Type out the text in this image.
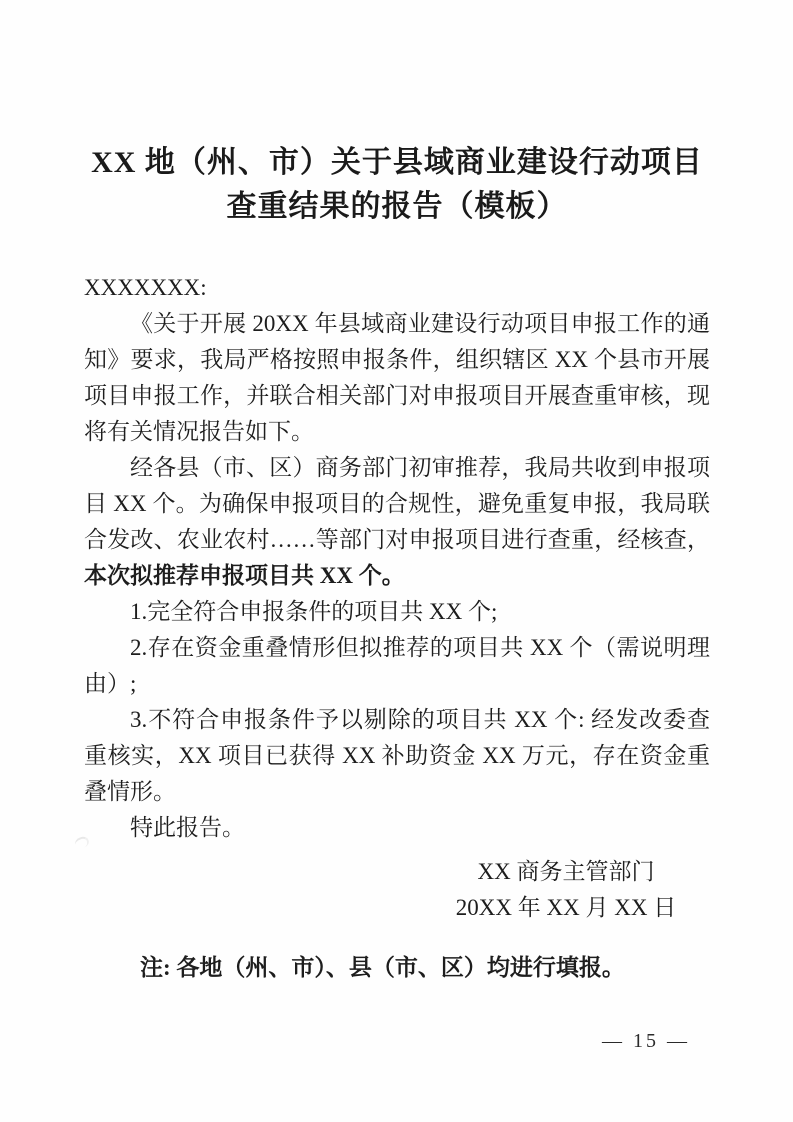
XX 地（州、市）关于县域商业建设行动项目
查重结果的报告（模板）

XXXXXXX:

《关于开展 20XX 年县域商业建设行动项目申报工作的通知》要求，我局严格按照申报条件，组织辖区 XX 个县市开展项目申报工作，并联合相关部门对申报项目开展查重审核，现将有关情况报告如下。

经各县（市、区）商务部门初审推荐，我局共收到申报项目 XX 个。为确保申报项目的合规性，避免重复申报，我局联合发改、农业农村……等部门对申报项目进行查重，经核查，本次拟推荐申报项目共 XX 个。

1.完全符合申报条件的项目共 XX 个;

2.存在资金重叠情形但拟推荐的项目共 XX 个（需说明理由）;

3.不符合申报条件予以剔除的项目共 XX 个: 经发改委查重核实，XX 项目已获得 XX 补助资金 XX 万元，存在资金重叠情形。

特此报告。

XX 商务主管部门

20XX 年 XX 月 XX 日

注: 各地（州、市）、县（市、区）均进行填报。

— 15 —
